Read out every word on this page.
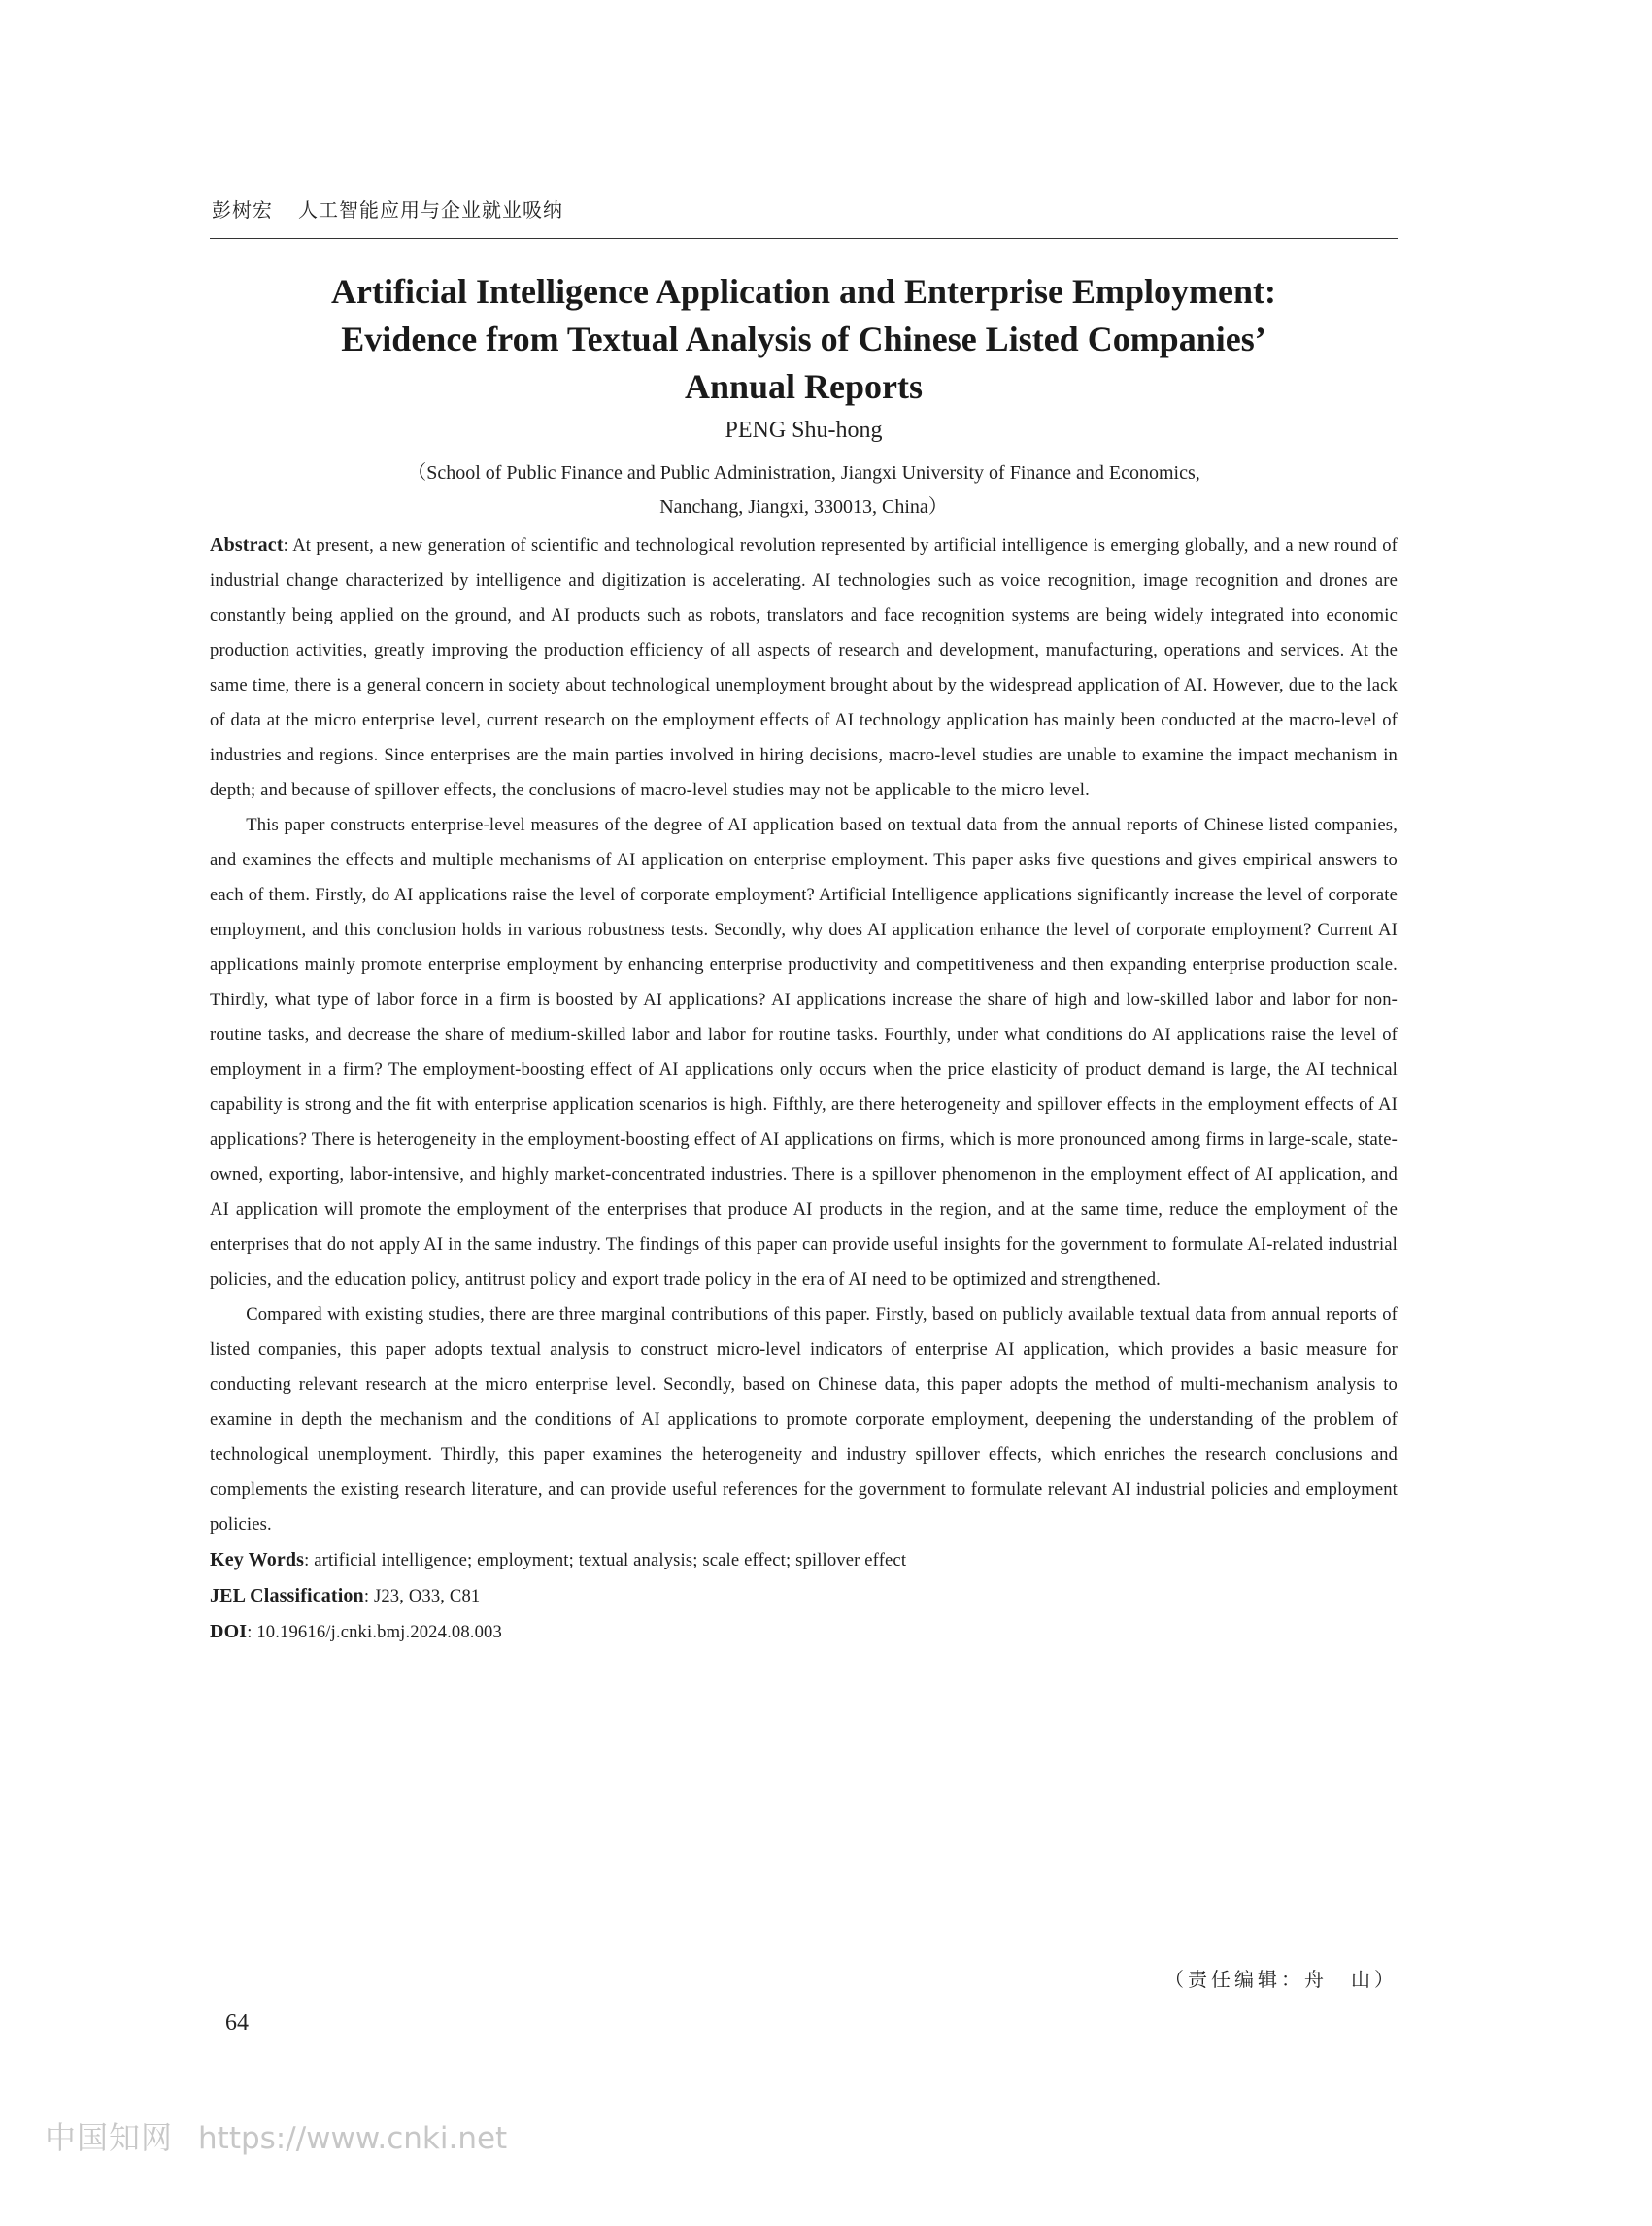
彭树宏 人工智能应用与企业就业吸纳
Artificial Intelligence Application and Enterprise Employment:
Evidence from Textual Analysis of Chinese Listed Companies’
Annual Reports
PENG Shu-hong
（School of Public Finance and Public Administration, Jiangxi University of Finance and Economics,
Nanchang, Jiangxi, 330013, China）

Abstract: At present, a new generation of scientific and technological revolution represented by artificial intelligence is emerging globally, and a new round of industrial change characterized by intelligence and digitization is accelerating. AI technologies such as voice recognition, image recognition and drones are constantly being applied on the ground, and AI products such as robots, translators and face recognition systems are being widely integrated into economic production activities, greatly improving the production efficiency of all aspects of research and development, manufacturing, operations and services. At the same time, there is a general concern in society about technological unemployment brought about by the widespread application of AI. However, due to the lack of data at the micro enterprise level, current research on the employment effects of AI technology application has mainly been conducted at the macro-level of industries and regions. Since enterprises are the main parties involved in hiring decisions, macro-level studies are unable to examine the impact mechanism in depth; and because of spillover effects, the conclusions of macro-level studies may not be applicable to the micro level.

This paper constructs enterprise-level measures of the degree of AI application based on textual data from the annual reports of Chinese listed companies, and examines the effects and multiple mechanisms of AI application on enterprise employment. This paper asks five questions and gives empirical answers to each of them. Firstly, do AI applications raise the level of corporate employment? Artificial Intelligence applications significantly increase the level of corporate employment, and this conclusion holds in various robustness tests. Secondly, why does AI application enhance the level of corporate employment? Current AI applications mainly promote enterprise employment by enhancing enterprise productivity and competitiveness and then expanding enterprise production scale. Thirdly, what type of labor force in a firm is boosted by AI applications? AI applications increase the share of high and low-skilled labor and labor for non-routine tasks, and decrease the share of medium-skilled labor and labor for routine tasks. Fourthly, under what conditions do AI applications raise the level of employment in a firm? The employment-boosting effect of AI applications only occurs when the price elasticity of product demand is large, the AI technical capability is strong and the fit with enterprise application scenarios is high. Fifthly, are there heterogeneity and spillover effects in the employment effects of AI applications? There is heterogeneity in the employment-boosting effect of AI applications on firms, which is more pronounced among firms in large-scale, state-owned, exporting, labor-intensive, and highly market-concentrated industries. There is a spillover phenomenon in the employment effect of AI application, and AI application will promote the employment of the enterprises that produce AI products in the region, and at the same time, reduce the employment of the enterprises that do not apply AI in the same industry. The findings of this paper can provide useful insights for the government to formulate AI-related industrial policies, and the education policy, antitrust policy and export trade policy in the era of AI need to be optimized and strengthened.

Compared with existing studies, there are three marginal contributions of this paper. Firstly, based on publicly available textual data from annual reports of listed companies, this paper adopts textual analysis to construct micro-level indicators of enterprise AI application, which provides a basic measure for conducting relevant research at the micro enterprise level. Secondly, based on Chinese data, this paper adopts the method of multi-mechanism analysis to examine in depth the mechanism and the conditions of AI applications to promote corporate employment, deepening the understanding of the problem of technological unemployment. Thirdly, this paper examines the heterogeneity and industry spillover effects, which enriches the research conclusions and complements the existing research literature, and can provide useful references for the government to formulate relevant AI industrial policies and employment policies.

Key Words: artificial intelligence; employment; textual analysis; scale effect; spillover effect

JEL Classification: J23, O33, C81

DOI: 10.19616/j.cnki.bmj.2024.08.003

（责任编辑：舟　山）
64
中国知网 https://www.cnki.net
